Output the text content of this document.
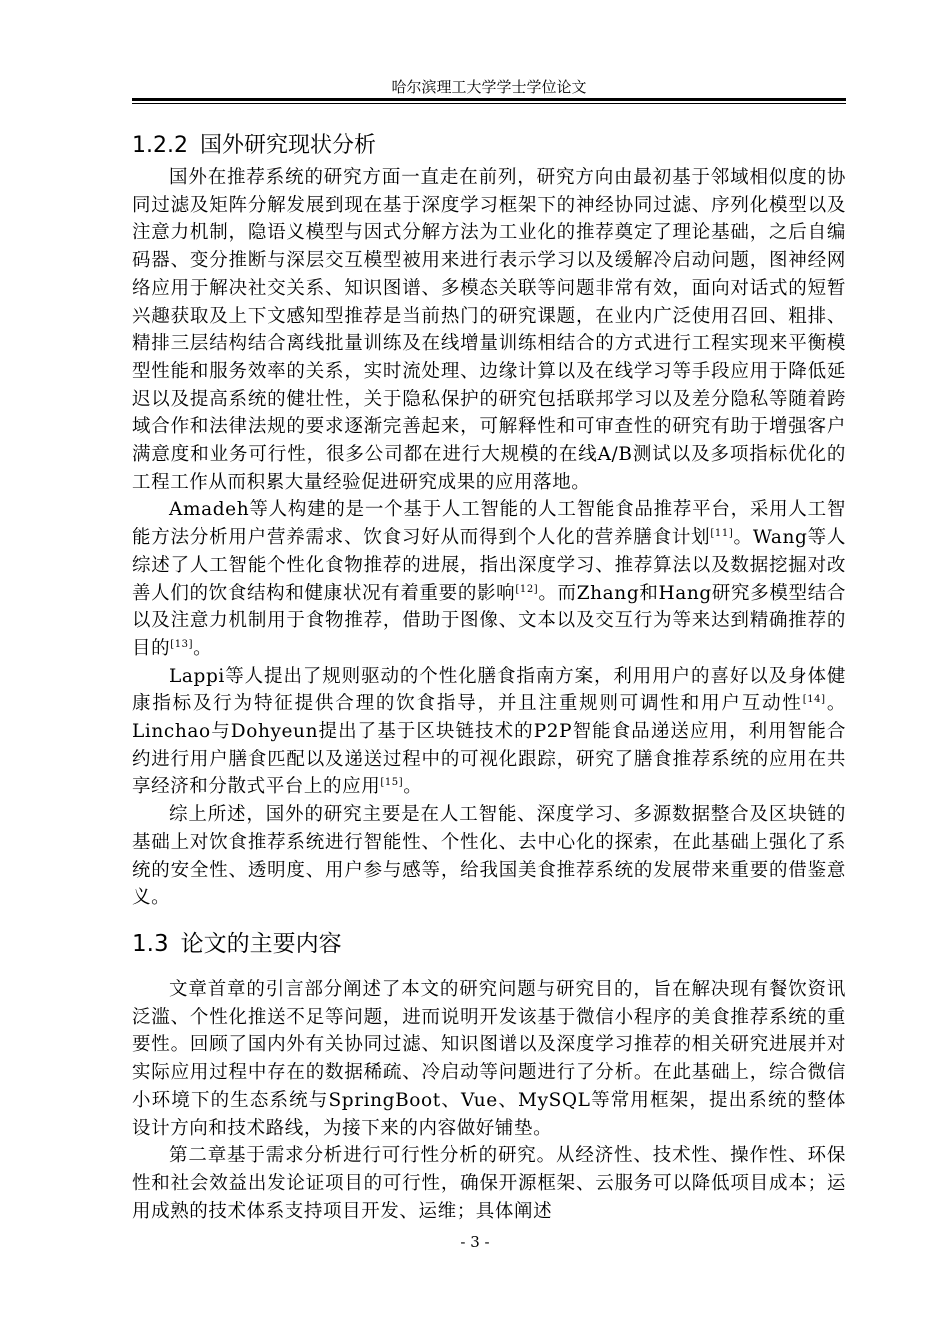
哈尔滨理工大学学士学位论文
1.2.2 国外研究现状分析

国外在推荐系统的研究方面一直走在前列，研究方向由最初基于邻域相似度的协同过滤及矩阵分解发展到现在基于深度学习框架下的神经协同过滤、序列化模型以及注意力机制，隐语义模型与因式分解方法为工业化的推荐奠定了理论基础，之后自编码器、变分推断与深层交互模型被用来进行表示学习以及缓解冷启动问题，图神经网络应用于解决社交关系、知识图谱、多模态关联等问题非常有效，面向对话式的短暂兴趣获取及上下文感知型推荐是当前热门的研究课题，在业内广泛使用召回、粗排、精排三层结构结合离线批量训练及在线增量训练相结合的方式进行工程实现来平衡模型性能和服务效率的关系，实时流处理、边缘计算以及在线学习等手段应用于降低延迟以及提高系统的健壮性，关于隐私保护的研究包括联邦学习以及差分隐私等随着跨域合作和法律法规的要求逐渐完善起来，可解释性和可审查性的研究有助于增强客户满意度和业务可行性，很多公司都在进行大规模的在线A/B测试以及多项指标优化的工程工作从而积累大量经验促进研究成果的应用落地。

Amadeh等人构建的是一个基于人工智能的人工智能食品推荐平台，采用人工智能方法分析用户营养需求、饮食习好从而得到个人化的营养膳食计划[11]。Wang等人综述了人工智能个性化食物推荐的进展，指出深度学习、推荐算法以及数据挖掘对改善人们的饮食结构和健康状况有着重要的影响[12]。而Zhang和Hang研究多模型结合以及注意力机制用于食物推荐，借助于图像、文本以及交互行为等来达到精确推荐的目的[13]。

Lappi等人提出了规则驱动的个性化膳食指南方案，利用用户的喜好以及身体健康指标及行为特征提供合理的饮食指导，并且注重规则可调性和用户互动性[14]。Linchao与Dohyeun提出了基于区块链技术的P2P智能食品递送应用，利用智能合约进行用户膳食匹配以及递送过程中的可视化跟踪，研究了膳食推荐系统的应用在共享经济和分散式平台上的应用[15]。

综上所述，国外的研究主要是在人工智能、深度学习、多源数据整合及区块链的基础上对饮食推荐系统进行智能性、个性化、去中心化的探索，在此基础上强化了系统的安全性、透明度、用户参与感等，给我国美食推荐系统的发展带来重要的借鉴意义。

1.3 论文的主要内容

文章首章的引言部分阐述了本文的研究问题与研究目的，旨在解决现有餐饮资讯泛滥、个性化推送不足等问题，进而说明开发该基于微信小程序的美食推荐系统的重要性。回顾了国内外有关协同过滤、知识图谱以及深度学习推荐的相关研究进展并对实际应用过程中存在的数据稀疏、冷启动等问题进行了分析。在此基础上，综合微信小环境下的生态系统与SpringBoot、Vue、MySQL等常用框架，提出系统的整体设计方向和技术路线，为接下来的内容做好铺垫。

第二章基于需求分析进行可行性分析的研究。从经济性、技术性、操作性、环保性和社会效益出发论证项目的可行性，确保开源框架、云服务可以降低项目成本；运用成熟的技术体系支持项目开发、运维；具体阐述

- 3 -
